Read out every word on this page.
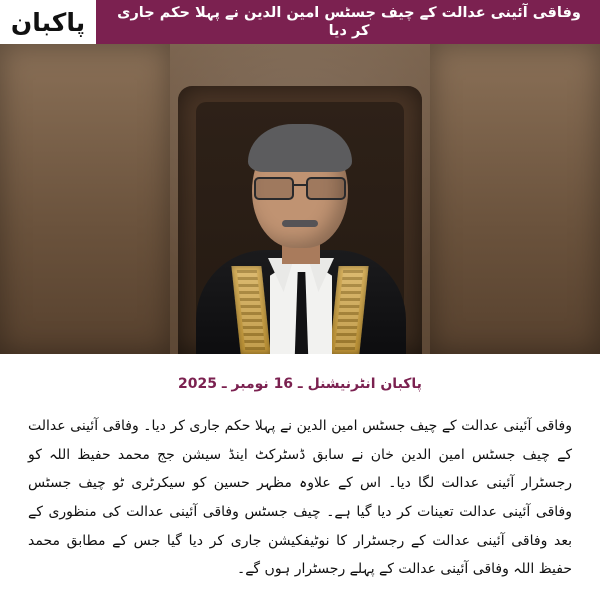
پاکبان	وفاقی آئینی عدالت کے چیف جسٹس امین الدین نے پہلا حکم جاری کر دیا
پاکبان انٹرنیشنل ـ 16 نومبر ـ 2025

وفاقی آئینی عدالت کے چیف جسٹس امین الدین نے پہلا حکم جاری کر دیا۔ وفاقی آئینی عدالت کے چیف جسٹس امین الدین خان نے سابق ڈسٹرکٹ اینڈ سیشن جج محمد حفیظ اللہ کو رجسٹرار آئینی عدالت لگا دیا۔ اس کے علاوہ مظہر حسین کو سیکرٹری ٹو چیف جسٹس وفاقی آئینی عدالت تعینات کر دیا گیا ہے۔ چیف جسٹس وفاقی آئینی عدالت کی منظوری کے بعد وفاقی آئینی عدالت کے رجسٹرار کا نوٹیفکیشن جاری کر دیا گیا جس کے مطابق محمد حفیظ اللہ وفاقی آئینی عدالت کے پہلے رجسٹرار ہوں گے۔
